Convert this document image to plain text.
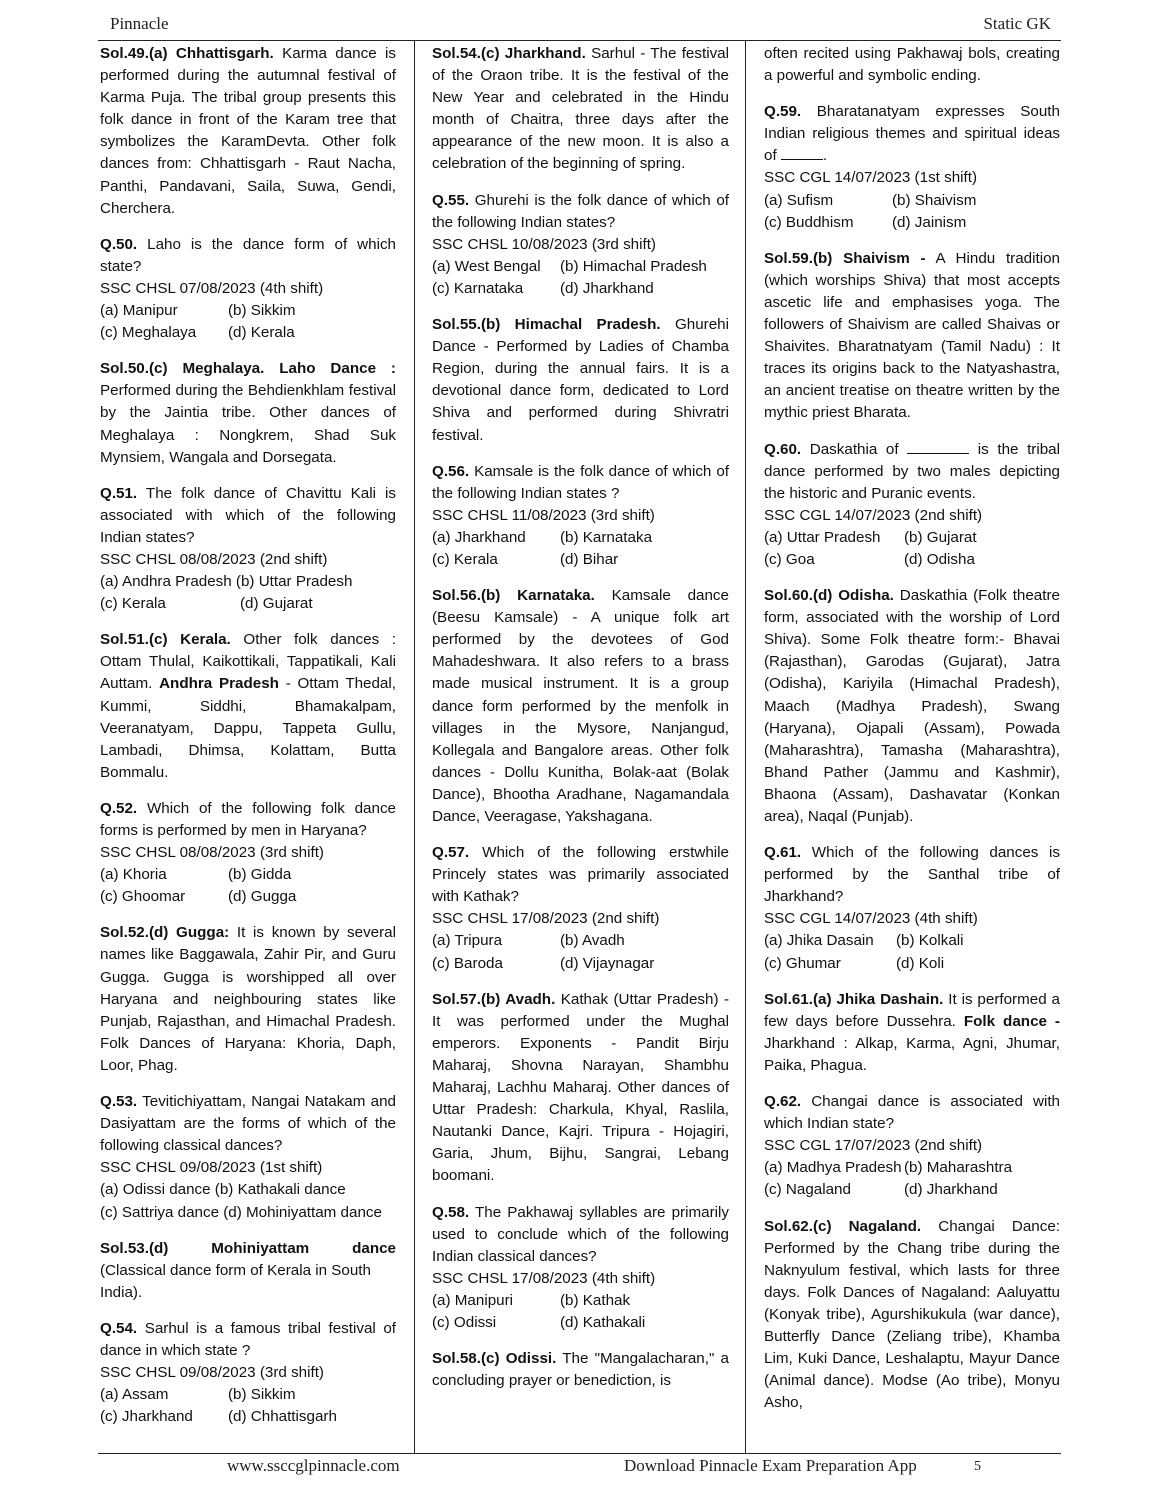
Pinnacle	Static GK
Sol.49.(a) Chhattisgarh. Karma dance is performed during the autumnal festival of Karma Puja. The tribal group presents this folk dance in front of the Karam tree that symbolizes the KaramDevta. Other folk dances from: Chhattisgarh - Raut Nacha, Panthi, Pandavani, Saila, Suwa, Gendi, Cherchera.
Q.50. Laho is the dance form of which state?
SSC CHSL 07/08/2023 (4th shift)
(a) Manipur	(b) Sikkim
(c) Meghalaya	(d) Kerala
Sol.50.(c) Meghalaya. Laho Dance : Performed during the Behdienkhlam festival by the Jaintia tribe. Other dances of Meghalaya : Nongkrem, Shad Suk Mynsiem, Wangala and Dorsegata.
Q.51. The folk dance of Chavittu Kali is associated with which of the following Indian states?
SSC CHSL 08/08/2023 (2nd shift)
(a) Andhra Pradesh (b) Uttar Pradesh
(c) Kerala	(d) Gujarat
Sol.51.(c) Kerala. Other folk dances : Ottam Thulal, Kaikottikali, Tappatikali, Kali Auttam. Andhra Pradesh - Ottam Thedal, Kummi, Siddhi, Bhamakalpam, Veeranatyam, Dappu, Tappeta Gullu, Lambadi, Dhimsa, Kolattam, Butta Bommalu.
Q.52. Which of the following folk dance forms is performed by men in Haryana?
SSC CHSL 08/08/2023 (3rd shift)
(a) Khoria	(b) Gidda
(c) Ghoomar	(d) Gugga
Sol.52.(d) Gugga: It is known by several names like Baggawala, Zahir Pir, and Guru Gugga. Gugga is worshipped all over Haryana and neighbouring states like Punjab, Rajasthan, and Himachal Pradesh. Folk Dances of Haryana: Khoria, Daph, Loor, Phag.
Q.53. Tevitichiyattam, Nangai Natakam and Dasiyattam are the forms of which of the following classical dances?
SSC CHSL 09/08/2023 (1st shift)
(a) Odissi dance (b) Kathakali dance
(c) Sattriya dance (d) Mohiniyattam dance
Sol.53.(d)	Mohiniyattam	dance
(Classical dance form of Kerala in South India).
Q.54. Sarhul is a famous tribal festival of dance in which state ?
SSC CHSL 09/08/2023 (3rd shift)
(a) Assam	(b) Sikkim
(c) Jharkhand	(d) Chhattisgarh
Sol.54.(c) Jharkhand. Sarhul - The festival of the Oraon tribe. It is the festival of the New Year and celebrated in the Hindu month of Chaitra, three days after the appearance of the new moon. It is also a celebration of the beginning of spring.
Q.55. Ghurehi is the folk dance of which of the following Indian states?
SSC CHSL 10/08/2023 (3rd shift)
(a) West Bengal	(b) Himachal Pradesh
(c) Karnataka	(d) Jharkhand
Sol.55.(b) Himachal Pradesh. Ghurehi Dance - Performed by Ladies of Chamba Region, during the annual fairs. It is a devotional dance form, dedicated to Lord Shiva and performed during Shivratri festival.
Q.56. Kamsale is the folk dance of which of the following Indian states ?
SSC CHSL 11/08/2023 (3rd shift)
(a) Jharkhand	(b) Karnataka
(c) Kerala	(d) Bihar
Sol.56.(b) Karnataka. Kamsale dance (Beesu Kamsale) - A unique folk art performed by the devotees of God Mahadeshwara. It also refers to a brass made musical instrument. It is a group dance form performed by the menfolk in villages in the Mysore, Nanjangud, Kollegala and Bangalore areas. Other folk dances - Dollu Kunitha, Bolak-aat (Bolak Dance), Bhootha Aradhane, Nagamandala Dance, Veeragase, Yakshagana.
Q.57. Which of the following erstwhile Princely states was primarily associated with Kathak?
SSC CHSL 17/08/2023 (2nd shift)
(a) Tripura	(b) Avadh
(c) Baroda	(d) Vijaynagar
Sol.57.(b) Avadh. Kathak (Uttar Pradesh) - It was performed under the Mughal emperors. Exponents - Pandit Birju Maharaj, Shovna Narayan, Shambhu Maharaj, Lachhu Maharaj. Other dances of Uttar Pradesh: Charkula, Khyal, Raslila, Nautanki Dance, Kajri. Tripura - Hojagiri, Garia, Jhum, Bijhu, Sangrai, Lebang boomani.
Q.58. The Pakhawaj syllables are primarily used to conclude which of the following Indian classical dances?
SSC CHSL 17/08/2023 (4th shift)
(a) Manipuri	(b) Kathak
(c) Odissi	(d) Kathakali
Sol.58.(c) Odissi. The "Mangalacharan," a concluding prayer or benediction, is
often recited using Pakhawaj bols, creating a powerful and symbolic ending.
Q.59. Bharatanatyam expresses South Indian religious themes and spiritual ideas of	.
SSC CGL 14/07/2023 (1st shift)
(a) Sufism	(b) Shaivism
(c) Buddhism	(d) Jainism
Sol.59.(b) Shaivism - A Hindu tradition (which worships Shiva) that most accepts ascetic life and emphasises yoga. The followers of Shaivism are called Shaivas or Shaivites. Bharatnatyam (Tamil Nadu) : It traces its origins back to the Natyashastra, an ancient treatise on theatre written by the mythic priest Bharata.
Q.60. Daskathia of	is the tribal dance performed by two males depicting the historic and Puranic events.
SSC CGL 14/07/2023 (2nd shift)
(a) Uttar Pradesh	(b) Gujarat
(c) Goa	(d) Odisha
Sol.60.(d) Odisha. Daskathia (Folk theatre form, associated with the worship of Lord Shiva). Some Folk theatre form:- Bhavai (Rajasthan), Garodas (Gujarat), Jatra (Odisha), Kariyila (Himachal Pradesh), Maach (Madhya Pradesh), Swang (Haryana), Ojapali (Assam), Powada (Maharashtra), Tamasha (Maharashtra), Bhand Pather (Jammu and Kashmir), Bhaona (Assam), Dashavatar (Konkan area), Naqal (Punjab).
Q.61. Which of the following dances is performed by the Santhal tribe of Jharkhand?
SSC CGL 14/07/2023 (4th shift)
(a) Jhika Dasain	(b) Kolkali
(c) Ghumar	(d) Koli
Sol.61.(a) Jhika Dashain. It is performed a few days before Dussehra. Folk dance - Jharkhand : Alkap, Karma, Agni, Jhumar, Paika, Phagua.
Q.62. Changai dance is associated with which Indian state?
SSC CGL 17/07/2023 (2nd shift)
(a) Madhya Pradesh (b) Maharashtra
(c) Nagaland	(d) Jharkhand
Sol.62.(c) Nagaland. Changai Dance: Performed by the Chang tribe during the Naknyulum festival, which lasts for three days. Folk Dances of Nagaland: Aaluyattu (Konyak tribe), Agurshikukula (war dance), Butterfly Dance (Zeliang tribe), Khamba Lim, Kuki Dance, Leshalaptu, Mayur Dance (Animal dance). Modse (Ao tribe), Monyu Asho,
www.ssccglpinnacle.com	Download Pinnacle Exam Preparation App	5
